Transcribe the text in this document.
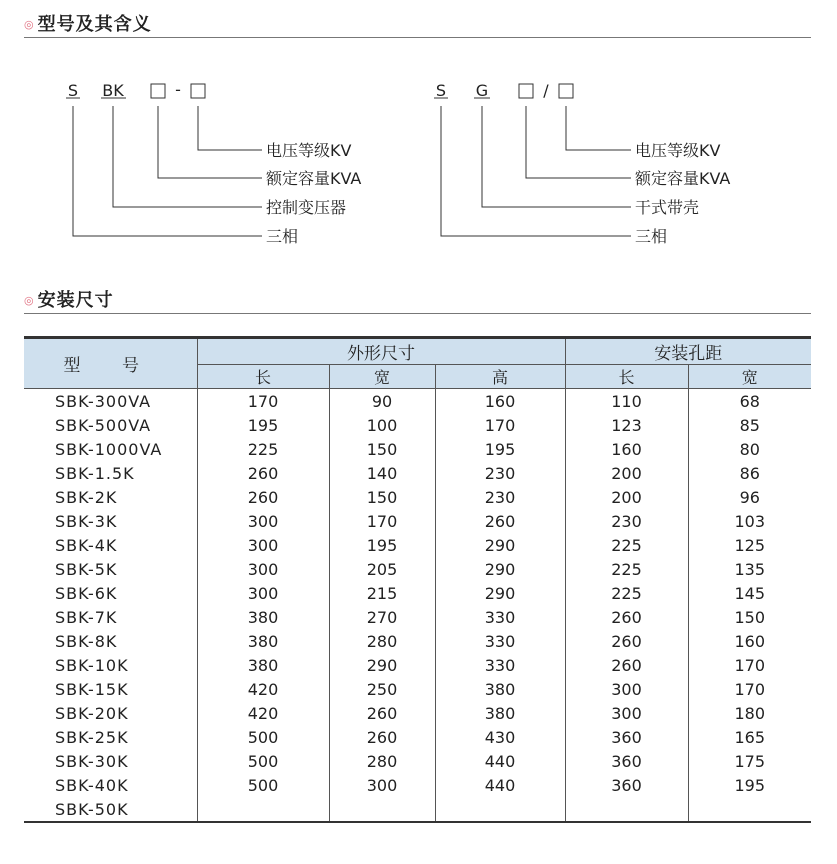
◎ 型号及其含义
S BK	-
电压等级KV
额定容量KVA
控制变压器
三相
S G	/
电压等级KV
额定容量KVA
干式带壳
三相
◎ 安装尺寸
型 号	外形尺寸			安装孔距	
	长	宽	高	长	宽
SBK-300VA	170	90	160	110	68
SBK-500VA	195	100	170	123	85
SBK-1000VA	225	150	195	160	80
SBK-1.5K	260	140	230	200	86
SBK-2K	260	150	230	200	96
SBK-3K	300	170	260	230	103
SBK-4K	300	195	290	225	125
SBK-5K	300	205	290	225	135
SBK-6K	300	215	290	225	145
SBK-7K	380	270	330	260	150
SBK-8K	380	280	330	260	160
SBK-10K	380	290	330	260	170
SBK-15K	420	250	380	300	170
SBK-20K	420	260	380	300	180
SBK-25K	500	260	430	360	165
SBK-30K	500	280	440	360	175
SBK-40K	500	300	440	360	195
SBK-50K					
